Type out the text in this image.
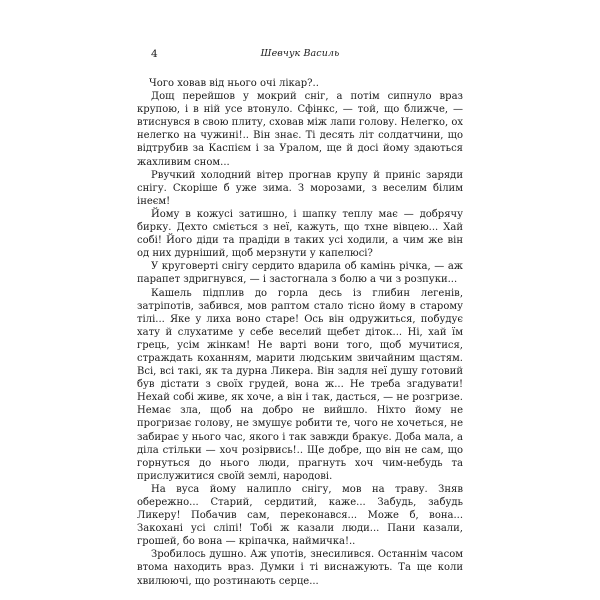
4	Шевчук Василь

Чого ховав від нього очі лікар?..

Дощ перейшов у мокрий сніг, а потім сипнуло враз крупою, і в ній усе втонуло. Сфінкс, — той, що ближче, — втиснувся в свою плиту, сховав між лапи голову. Нелегко, ох нелегко на чужині!.. Він знає. Ті десять літ солдатчини, що відтрубив за Каспієм і за Уралом, ще й досі йому здаються жахливим сном...

Рвучкий холодний вітер прогнав крупу й приніс заряди снігу. Скоріше б уже зима. З морозами, з веселим білим інеєм!

Йому в кожусі затишно, і шапку теплу має — добрячу бирку. Дехто сміється з неї, кажуть, що тхне вівцею... Хай собі! Його діди та прадіди в таких усі ходили, а чим же він од них дурніший, щоб мерзнути у капелюсі?

У круговерті снігу сердито вдарила об камінь річка, — аж парапет здригнувся, — і застогнала з болю а чи з розпуки...

Кашель підплив до горла десь із глибин легенів, затріпотів, забився, мов раптом стало тісно йому в старому тілі... Яке у лиха воно старе! Ось він одружиться, побудує хату й слухатиме у себе веселий щебет діток... Ні, хай їм грець, усім жінкам! Не варті вони того, щоб мучитися, страждать коханням, марити людським звичайним щастям. Всі, всі такі, як та дурна Ликера. Він задля неї душу готовий був дістати з своїх грудей, вона ж... Не треба згадувати! Нехай собі живе, як хоче, а він і так, дасться, — не розгризе. Немає зла, щоб на добро не вийшло. Ніхто йому не прогризає голову, не змушує робити те, чого не хочеться, не забирає у нього час, якого і так завжди бракує. Доба мала, а діла стільки — хоч розірвись!.. Ще добре, що він не сам, що горнуться до нього люди, прагнуть хоч чим-небудь та прислужитися своїй землі, народові.

На вуса йому налипло снігу, мов на траву. Зняв обережно... Старий, сердитий, каже... Забудь, забудь Ликеру! Побачив сам, переконався... Може б, вона... Закохані усі сліпі! Тобі ж казали люди... Пани казали, грошей, бо вона — кріпачка, наймичка!..

Зробилось душно. Аж употів, знесилився. Останнім часом втома находить враз. Думки і ті виснажують. Та ще коли хвилюючі, що розтинають серце...
